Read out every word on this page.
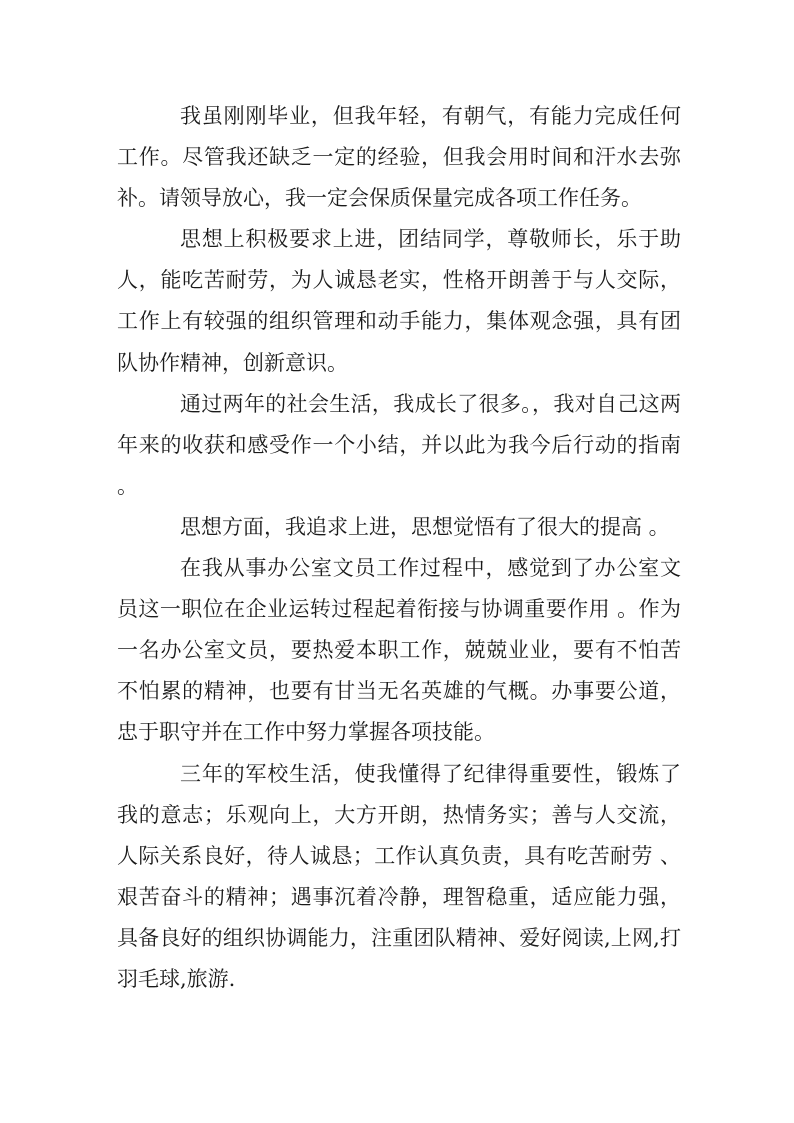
我虽刚刚毕业，但我年轻，有朝气，有能力完成任何工作。尽管我还缺乏一定的经验，但我会用时间和汗水去弥补。请领导放心，我一定会保质保量完成各项工作任务。

思想上积极要求上进，团结同学，尊敬师长，乐于助人，能吃苦耐劳，为人诚恳老实，性格开朗善于与人交际，工作上有较强的组织管理和动手能力，集体观念强，具有团队协作精神，创新意识。

通过两年的社会生活，我成长了很多。，我对自己这两年来的收获和感受作一个小结，并以此为我今后行动的指南。

思想方面，我追求上进，思想觉悟有了很大的提高 。

在我从事办公室文员工作过程中，感觉到了办公室文员这一职位在企业运转过程起着衔接与协调重要作用 。作为一名办公室文员，要热爱本职工作，兢兢业业，要有不怕苦不怕累的精神，也要有甘当无名英雄的气概。办事要公道，忠于职守并在工作中努力掌握各项技能。

三年的军校生活，使我懂得了纪律得重要性，锻炼了我的意志；乐观向上，大方开朗，热情务实；善与人交流，人际关系良好，待人诚恳；工作认真负责，具有吃苦耐劳 、艰苦奋斗的精神；遇事沉着冷静，理智稳重，适应能力强，具备良好的组织协调能力，注重团队精神、爱好阅读,上网,打羽毛球,旅游.
